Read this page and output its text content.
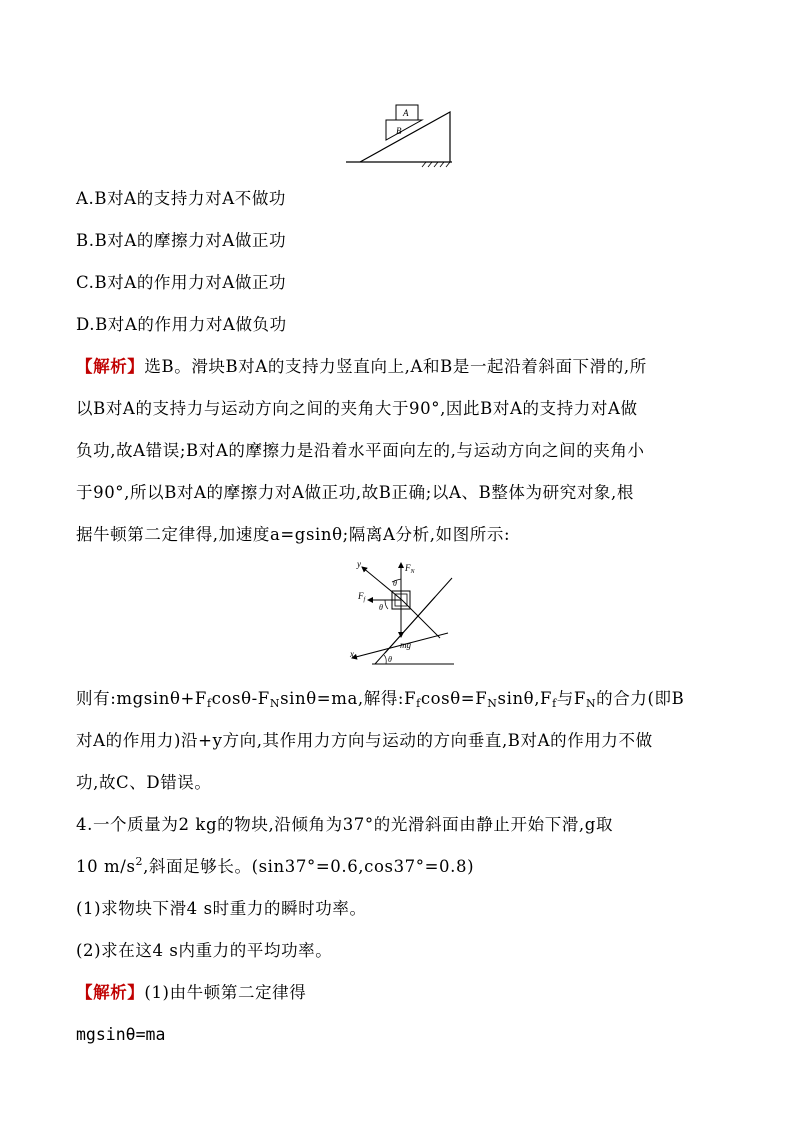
A
B
A.B对A的支持力对A不做功
B.B对A的摩擦力对A做正功
C.B对A的作用力对A做正功
D.B对A的作用力对A做负功
【解析】选B。滑块B对A的支持力竖直向上,A和B是一起沿着斜面下滑的,所
以B对A的支持力与运动方向之间的夹角大于90°,因此B对A的支持力对A做
负功,故A错误;B对A的摩擦力是沿着水平面向左的,与运动方向之间的夹角小
于90°,所以B对A的摩擦力对A做正功,故B正确;以A、B整体为研究对象,根
据牛顿第二定律得,加速度a=gsinθ;隔离A分析,如图所示:
y
x
$F_N$
$F_f$
θ
θ
θ
mg
则有$:mgsin\theta+F_f\cos\theta-F_N\sin\theta=ma$,解得$:F_f\cos\theta=F_N\sin\theta,F_f$与$F_N$的合力(即B
对A的作用力)沿+y方向,其作用力方向与运动的方向垂直,B对A的作用力不做
功,故C、D错误。
4.一个质量为2 kg的物块,沿倾角为37°的光滑斜面由静止开始下滑,g取
10 $m/s^2$,斜面足够长。(sin37°=0.6,cos37°=0.8)
(1)求物块下滑4 s时重力的瞬时功率。
(2)求在这4 s内重力的平均功率。
【解析】(1)由牛顿第二定律得
mgsinθ=ma
